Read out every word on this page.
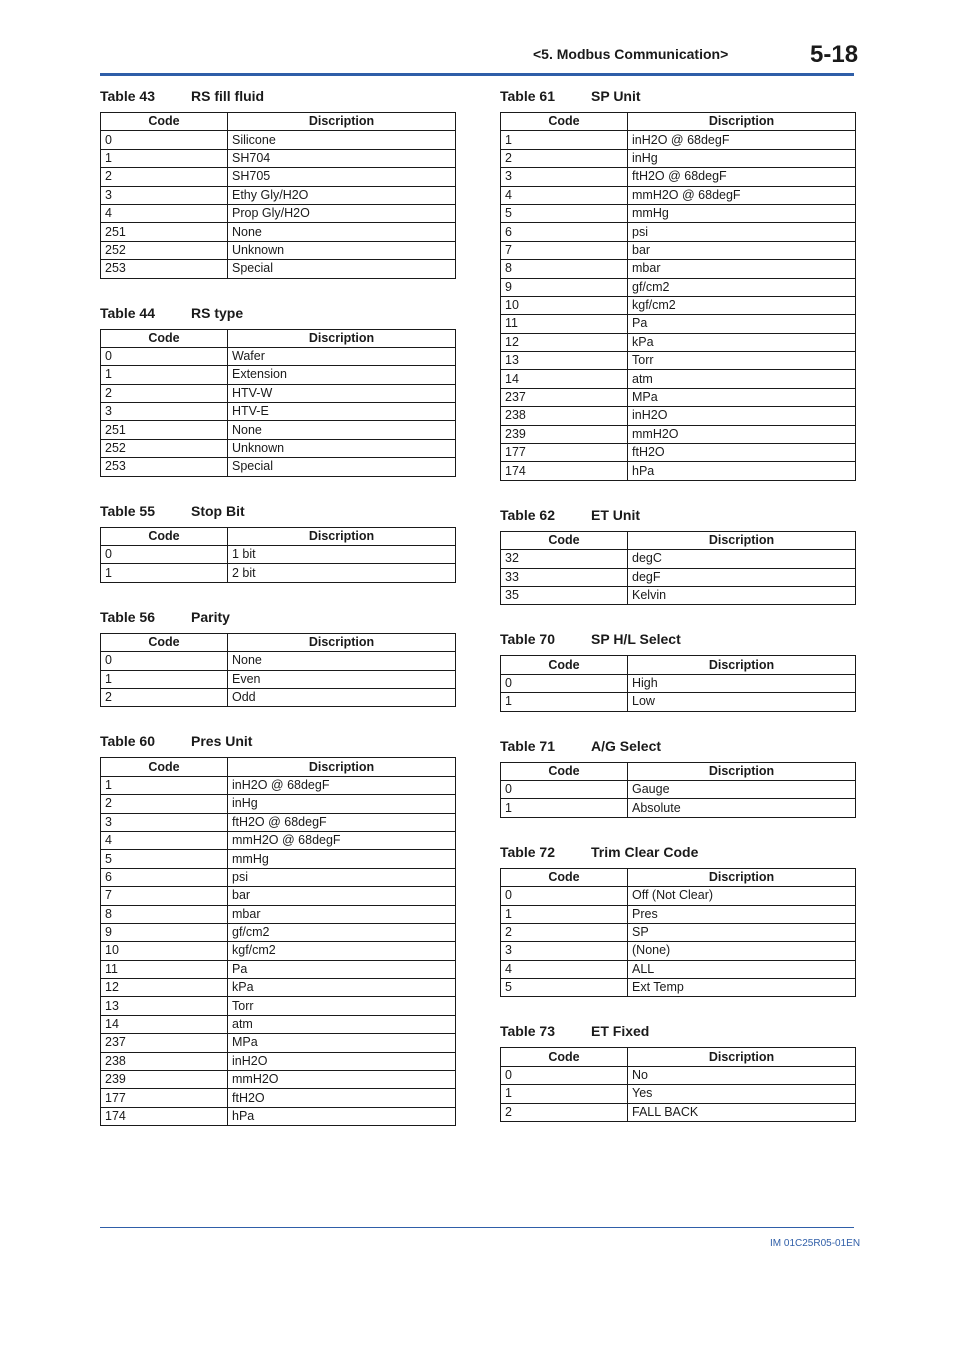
<5. Modbus Communication>	5-18
Table 43	RS fill fluid
Code	Discription
0	Silicone
1	SH704
2	SH705
3	Ethy Gly/H2O
4	Prop Gly/H2O
251	None
252	Unknown
253	Special
Table 44	RS type
Code	Discription
0	Wafer
1	Extension
2	HTV-W
3	HTV-E
251	None
252	Unknown
253	Special
Table 55	Stop Bit
Code	Discription
0	1 bit
1	2 bit
Table 56	Parity
Code	Discription
0	None
1	Even
2	Odd
Table 60	Pres Unit
Code	Discription
1	inH2O @ 68degF
2	inHg
3	ftH2O @ 68degF
4	mmH2O @ 68degF
5	mmHg
6	psi
7	bar
8	mbar
9	gf/cm2
10	kgf/cm2
11	Pa
12	kPa
13	Torr
14	atm
237	MPa
238	inH2O
239	mmH2O
177	ftH2O
174	hPa
Table 61	SP Unit
Code	Discription
1	inH2O @ 68degF
2	inHg
3	ftH2O @ 68degF
4	mmH2O @ 68degF
5	mmHg
6	psi
7	bar
8	mbar
9	gf/cm2
10	kgf/cm2
11	Pa
12	kPa
13	Torr
14	atm
237	MPa
238	inH2O
239	mmH2O
177	ftH2O
174	hPa
Table 62	ET Unit
Code	Discription
32	degC
33	degF
35	Kelvin
Table 70	SP H/L Select
Code	Discription
0	High
1	Low
Table 71	A/G Select
Code	Discription
0	Gauge
1	Absolute
Table 72	Trim Clear Code
Code	Discription
0	Off (Not Clear)
1	Pres
2	SP
3	(None)
4	ALL
5	Ext Temp
Table 73	ET Fixed
Code	Discription
0	No
1	Yes
2	FALL BACK
IM 01C25R05-01EN
